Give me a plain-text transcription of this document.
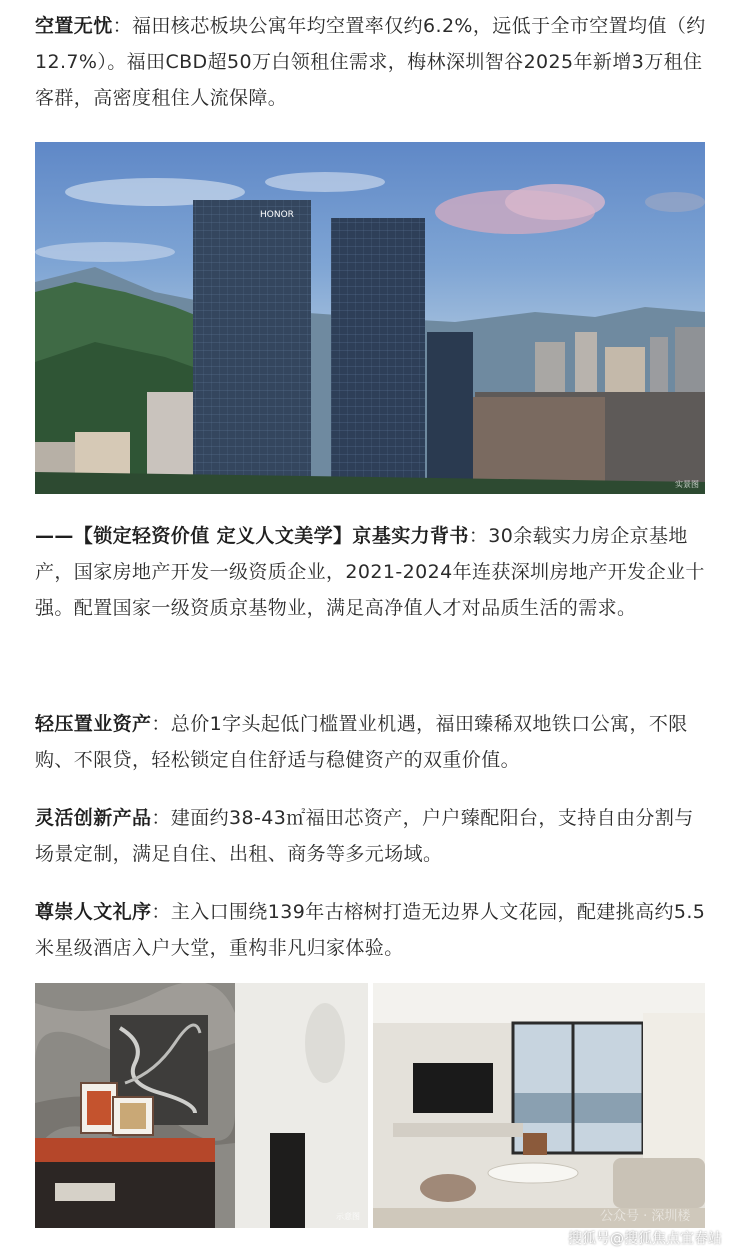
空置无忧：福田核芯板块公寓年均空置率仅约6.2%，远低于全市空置均值（约12.7%）。福田CBD超50万白领租住需求，梅林深圳智谷2025年新增3万租住客群，高密度租住人流保障。

HONOR
实景图

——【锁定轻资价值 定义人文美学】京基实力背书：30余载实力房企京基地产，国家房地产开发一级资质企业，2021-2024年连获深圳房地产开发企业十强。配置国家一级资质京基物业，满足高净值人才对品质生活的需求。

轻压置业资产：总价1字头起低门槛置业机遇，福田臻稀双地铁口公寓，不限购、不限贷，轻松锁定自住舒适与稳健资产的双重价值。

灵活创新产品：建面约38-43㎡福田芯资产，户户臻配阳台，支持自由分割与场景定制，满足自住、出租、商务等多元场域。

尊崇人文礼序：主入口围绕139年古榕树打造无边界人文花园，配建挑高约5.5米星级酒店入户大堂，重构非凡归家体验。

示意图	公众号 · 深圳楼
搜狐号@搜狐焦点宜春站
